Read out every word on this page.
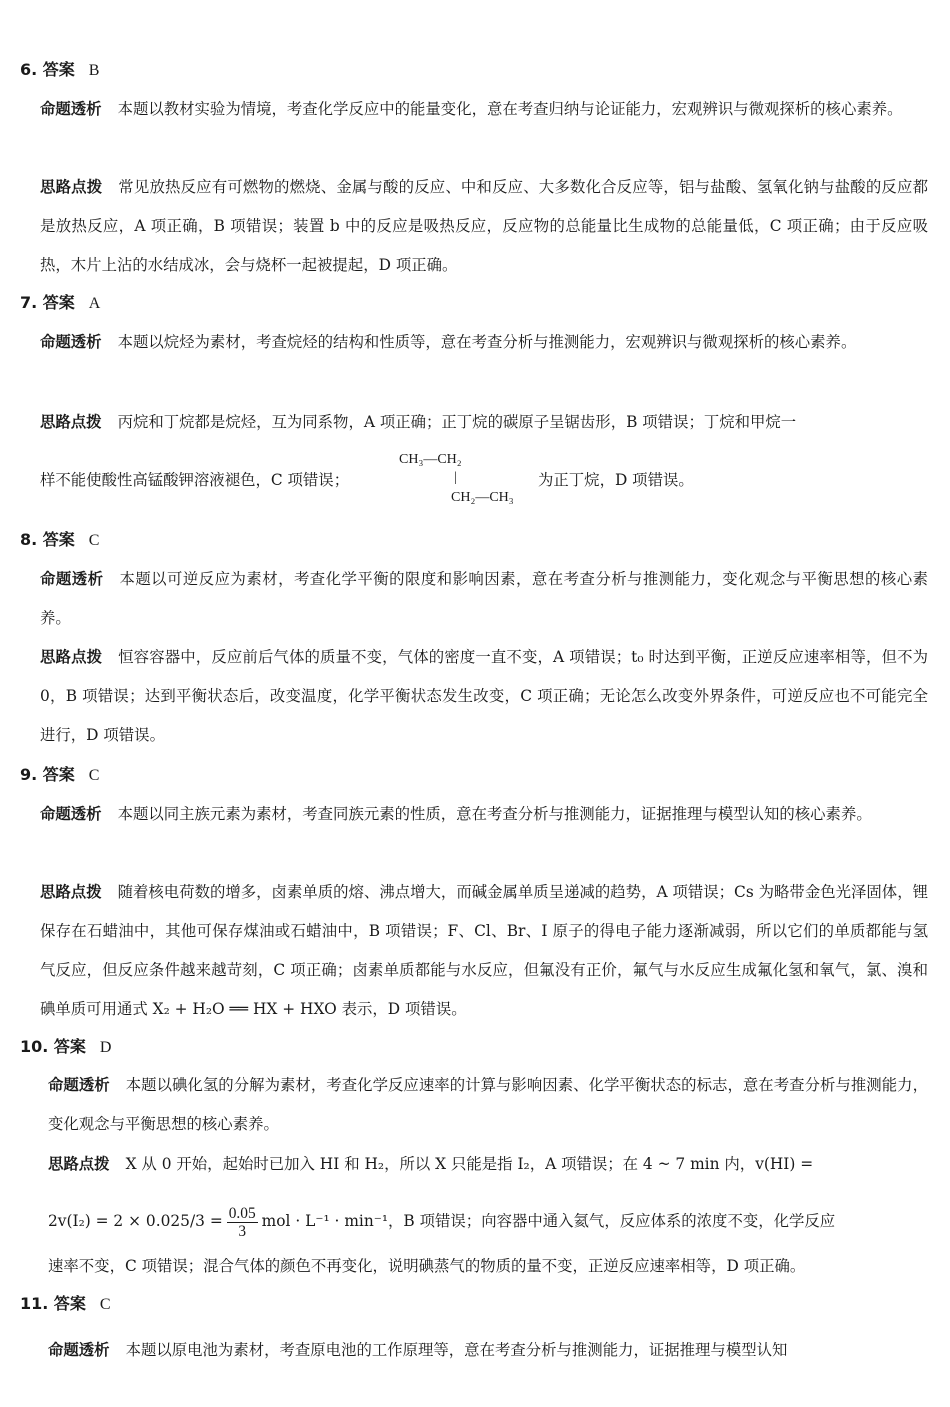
6. 答案 B
命题透析 本题以教材实验为情境，考查化学反应中的能量变化，意在考查归纳与论证能力，宏观辨识与微观探析的核心素养。
思路点拨 常见放热反应有可燃物的燃烧、金属与酸的反应、中和反应、大多数化合反应等，铝与盐酸、氢氧化钠与盐酸的反应都是放热反应，A 项正确，B 项错误；装置 b 中的反应是吸热反应，反应物的总能量比生成物的总能量低，C 项正确；由于反应吸热，木片上沾的水结成冰，会与烧杯一起被提起，D 项正确。
7. 答案 A
命题透析 本题以烷烃为素材，考查烷烃的结构和性质等，意在考查分析与推测能力，宏观辨识与微观探析的核心素养。
思路点拨 丙烷和丁烷都是烷烃，互为同系物，A 项正确；正丁烷的碳原子呈锯齿形，B 项错误；丁烷和甲烷一
样不能使酸性高锰酸钾溶液褪色，C 项错误；
CH₃—CH₂
|
CH₂—CH₃
为正丁烷，D 项错误。
8. 答案 C
命题透析 本题以可逆反应为素材，考查化学平衡的限度和影响因素，意在考查分析与推测能力，变化观念与平衡思想的核心素养。
思路点拨 恒容容器中，反应前后气体的质量不变，气体的密度一直不变，A 项错误；t₀ 时达到平衡，正逆反应速率相等，但不为 0，B 项错误；达到平衡状态后，改变温度，化学平衡状态发生改变，C 项正确；无论怎么改变外界条件，可逆反应也不可能完全进行，D 项错误。
9. 答案 C
命题透析 本题以同主族元素为素材，考查同族元素的性质，意在考查分析与推测能力，证据推理与模型认知的核心素养。
思路点拨 随着核电荷数的增多，卤素单质的熔、沸点增大，而碱金属单质呈递减的趋势，A 项错误；Cs 为略带金色光泽固体，锂保存在石蜡油中，其他可保存煤油或石蜡油中，B 项错误；F、Cl、Br、I 原子的得电子能力逐渐减弱，所以它们的单质都能与氢气反应，但反应条件越来越苛刻，C 项正确；卤素单质都能与水反应，但氟没有正价，氟气与水反应生成氟化氢和氧气，氯、溴和碘单质可用通式 X₂ + H₂O ══ HX + HXO 表示，D 项错误。
10. 答案 D
命题透析 本题以碘化氢的分解为素材，考查化学反应速率的计算与影响因素、化学平衡状态的标志，意在考查分析与推测能力，变化观念与平衡思想的核心素养。
思路点拨 X 从 0 开始，起始时已加入 HI 和 H₂，所以 X 只能是指 I₂，A 项错误；在 4 ~ 7 min 内，v(HI) =
$2v(I_2) = 2 \times 0.025/3 = \frac{0.05}{3}$ mol · L⁻¹ · min⁻¹，B 项错误；向容器中通入氦气，反应体系的浓度不变，化学反应
速率不变，C 项错误；混合气体的颜色不再变化，说明碘蒸气的物质的量不变，正逆反应速率相等，D 项正确。
11. 答案 C
命题透析 本题以原电池为素材，考查原电池的工作原理等，意在考查分析与推测能力，证据推理与模型认知
